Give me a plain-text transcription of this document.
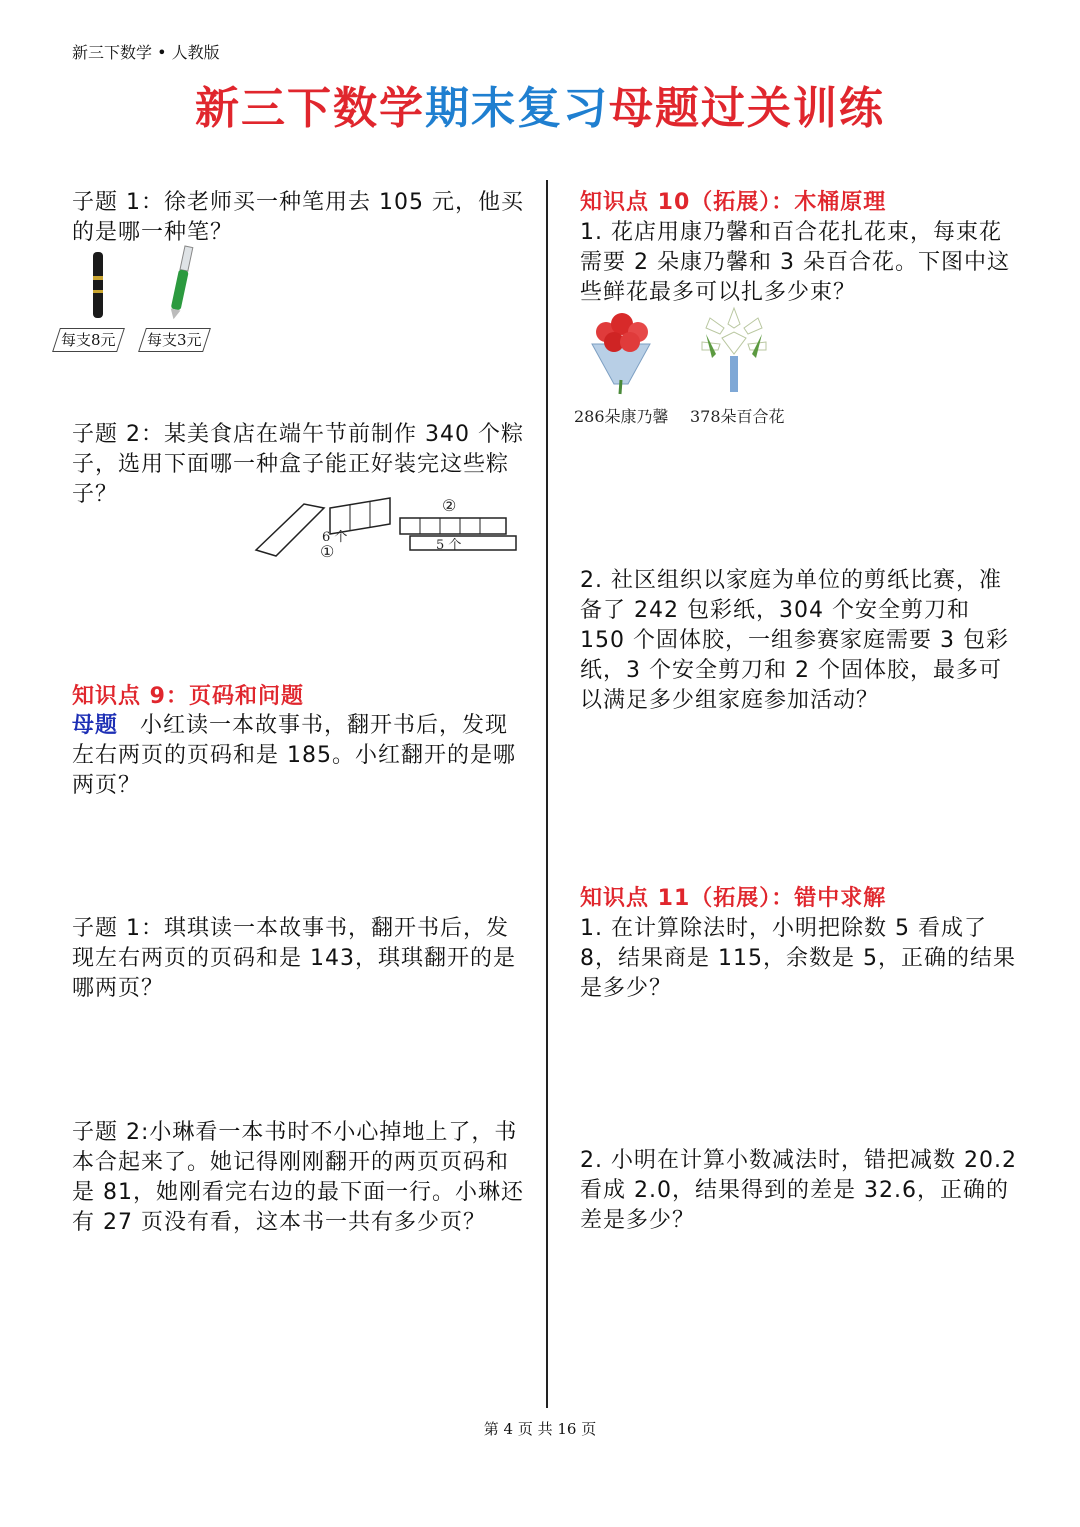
新三下数学 • 人教版
新三下数学期末复习母题过关训练
子题 1：徐老师买一种笔用去 105 元，他买的是哪一种笔？
每支8元	每支3元
子题 2：某美食店在端午节前制作 340 个粽子，选用下面哪一种盒子能正好装完这些粽子？
6 个
①
②
5 个
知识点 9：页码和问题
母题 小红读一本故事书，翻开书后，发现左右两页的页码和是 185。小红翻开的是哪两页？
子题 1：琪琪读一本故事书，翻开书后，发现左右两页的页码和是 143，琪琪翻开的是哪两页？
子题 2:小琳看一本书时不小心掉地上了，书本合起来了。她记得刚刚翻开的两页页码和是 81，她刚看完右边的最下面一行。小琳还有 27 页没有看，这本书一共有多少页？
知识点 10（拓展）：木桶原理
1. 花店用康乃馨和百合花扎花束，每束花需要 2 朵康乃馨和 3 朵百合花。下图中这些鲜花最多可以扎多少束？
286朵康乃馨 378朵百合花
2. 社区组织以家庭为单位的剪纸比赛，准备了 242 包彩纸，304 个安全剪刀和 150 个固体胶，一组参赛家庭需要 3 包彩纸，3 个安全剪刀和 2 个固体胶，最多可以满足多少组家庭参加活动？
知识点 11（拓展）：错中求解
1. 在计算除法时，小明把除数 5 看成了 8，结果商是 115，余数是 5，正确的结果是多少？
2. 小明在计算小数减法时，错把减数 20.2 看成 2.0，结果得到的差是 32.6，正确的差是多少？
第 4 页 共 16 页
